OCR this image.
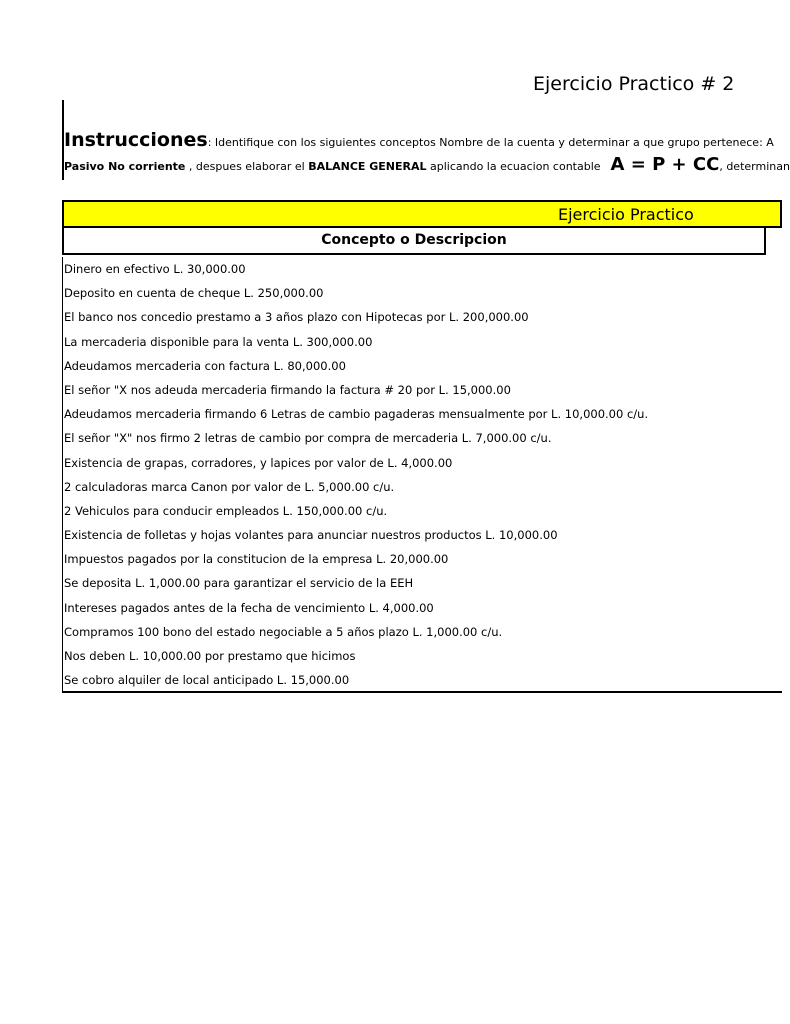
Ejercicio Practico # 2
Instrucciones: Identifique con los siguientes conceptos Nombre de la cuenta y determinar a que grupo pertenece: A
Pasivo No corriente , despues elaborar el BALANCE GENERAL aplicando la ecuacion contable A = P + CC, determinan
Ejercicio Practico
Concepto o Descripcion
Dinero en efectivo L. 30,000.00
Deposito en cuenta de cheque L. 250,000.00
El banco nos concedio prestamo a 3 años plazo con Hipotecas por L. 200,000.00
La mercaderia disponible para la venta L. 300,000.00
Adeudamos mercaderia con factura L. 80,000.00
El señor "X nos adeuda mercaderia firmando la factura # 20 por L. 15,000.00
Adeudamos mercaderia firmando 6 Letras de cambio pagaderas mensualmente por L. 10,000.00 c/u.
El señor "X" nos firmo 2 letras de cambio por compra de mercaderia L. 7,000.00 c/u.
Existencia de grapas, corradores, y lapices por valor de L. 4,000.00
2 calculadoras marca Canon por valor de L. 5,000.00 c/u.
2 Vehiculos para conducir empleados L. 150,000.00 c/u.
Existencia de folletas y hojas volantes para anunciar nuestros productos L. 10,000.00
Impuestos pagados por la constitucion de la empresa L. 20,000.00
Se deposita L. 1,000.00 para garantizar el servicio de la EEH
Intereses pagados antes de la fecha de vencimiento L. 4,000.00
Compramos 100 bono del estado negociable a 5 años plazo L. 1,000.00 c/u.
Nos deben L. 10,000.00 por prestamo que hicimos
Se cobro alquiler de local anticipado L. 15,000.00
